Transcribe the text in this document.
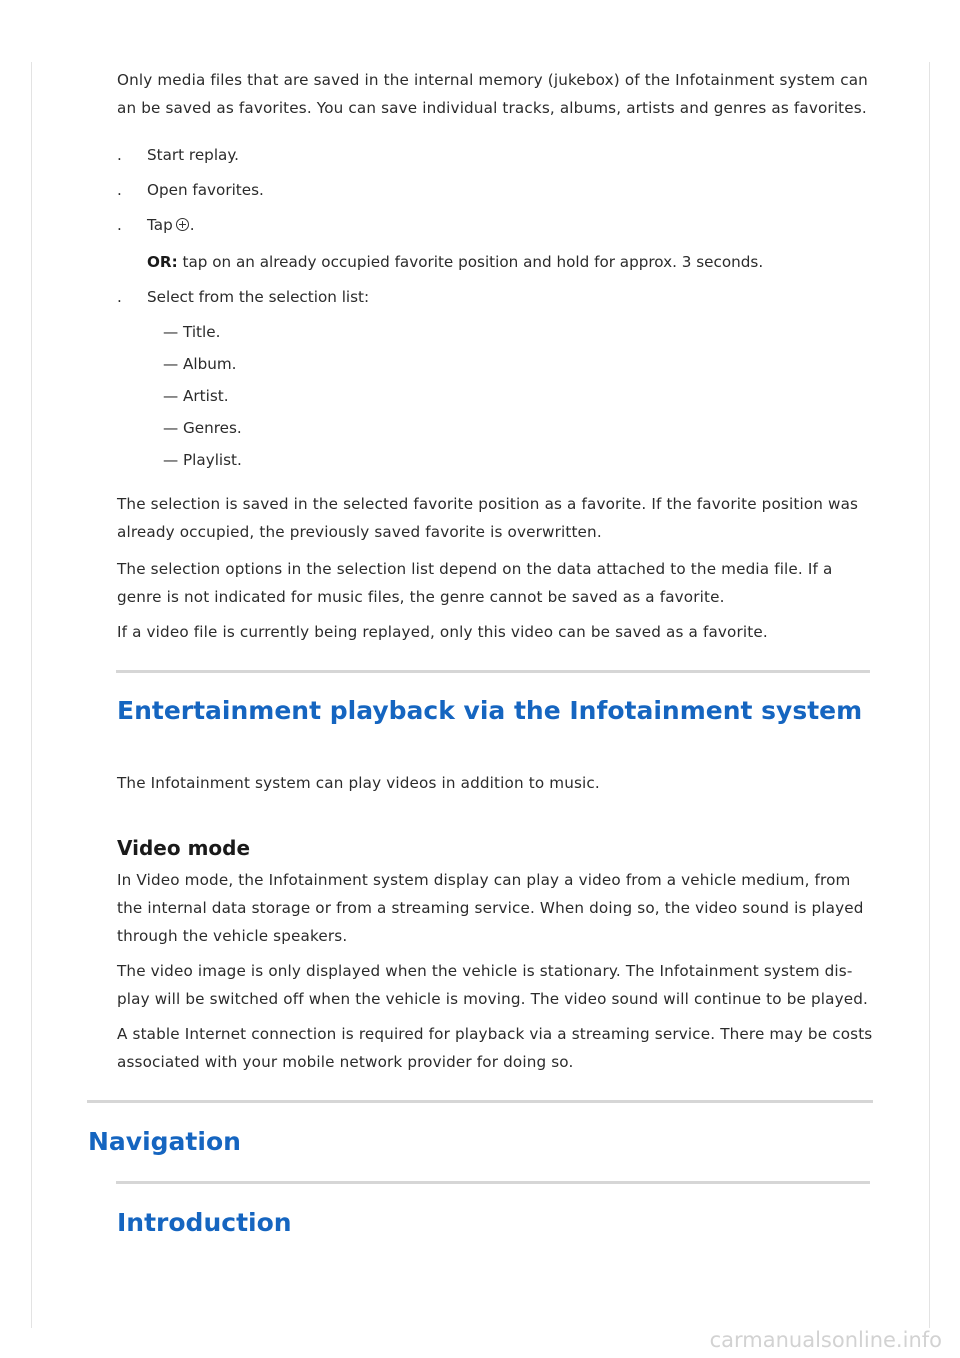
Only media files that are saved in the internal memory (jukebox) of the Infotainment system can an be saved as favorites. You can save individual tracks, albums, artists and genres as favorites.

. Start replay.
. Open favorites.
. Tap .
OR: tap on an already occupied favorite position and hold for approx. 3 seconds.
. Select from the selection list:
— Title.
— Album.
— Artist.
— Genres.
— Playlist.

The selection is saved in the selected favorite position as a favorite. If the favorite position was already occupied, the previously saved favorite is overwritten.

The selection options in the selection list depend on the data attached to the media file. If a genre is not indicated for music files, the genre cannot be saved as a favorite.

If a video file is currently being replayed, only this video can be saved as a favorite.

Entertainment playback via the Infotainment system

The Infotainment system can play videos in addition to music.

Video mode

In Video mode, the Infotainment system display can play a video from a vehicle medium, from the internal data storage or from a streaming service. When doing so, the video sound is played through the vehicle speakers.

The video image is only displayed when the vehicle is stationary. The Infotainment system dis- play will be switched off when the vehicle is moving. The video sound will continue to be played.

A stable Internet connection is required for playback via a streaming service. There may be costs associated with your mobile network provider for doing so.

Navigation
Introduction
carmanualsonline.info
